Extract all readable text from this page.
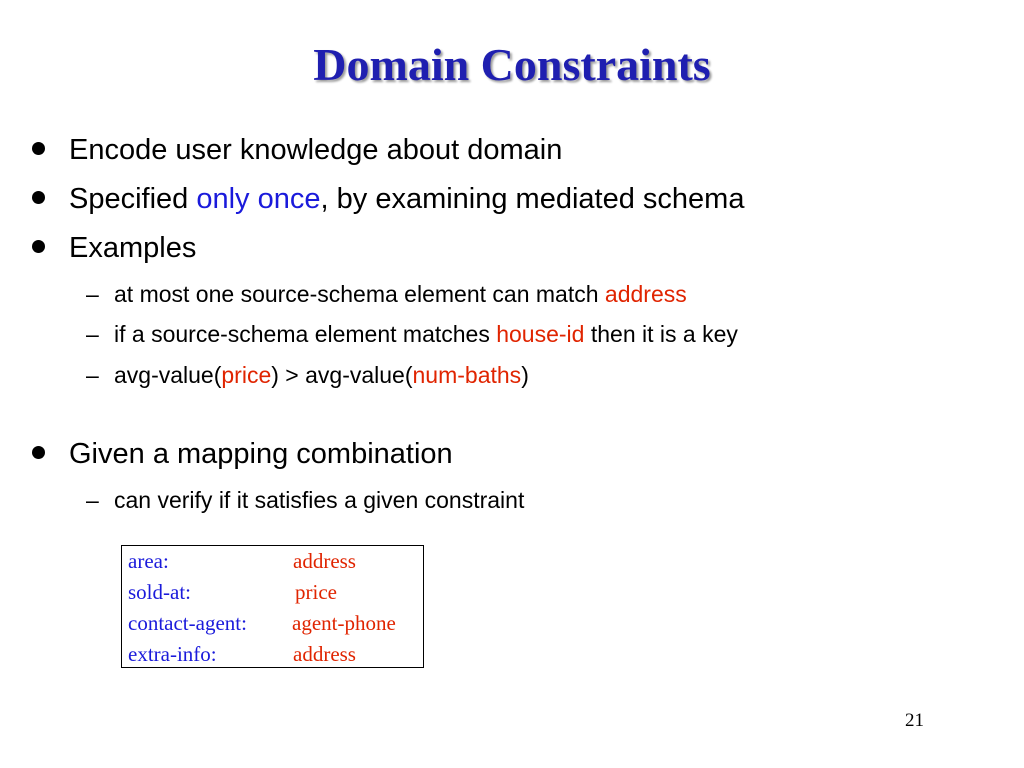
Domain Constraints
Encode user knowledge about domain
Specified only once, by examining mediated schema
Examples
– at most one source-schema element can match address
– if a source-schema element matches house-id then it is a key
– avg-value(price) > avg-value(num-baths)
Given a mapping combination
– can verify if it satisfies a given constraint
area:	address
sold-at:	price
contact-agent: agent-phone
extra-info:	address
21
